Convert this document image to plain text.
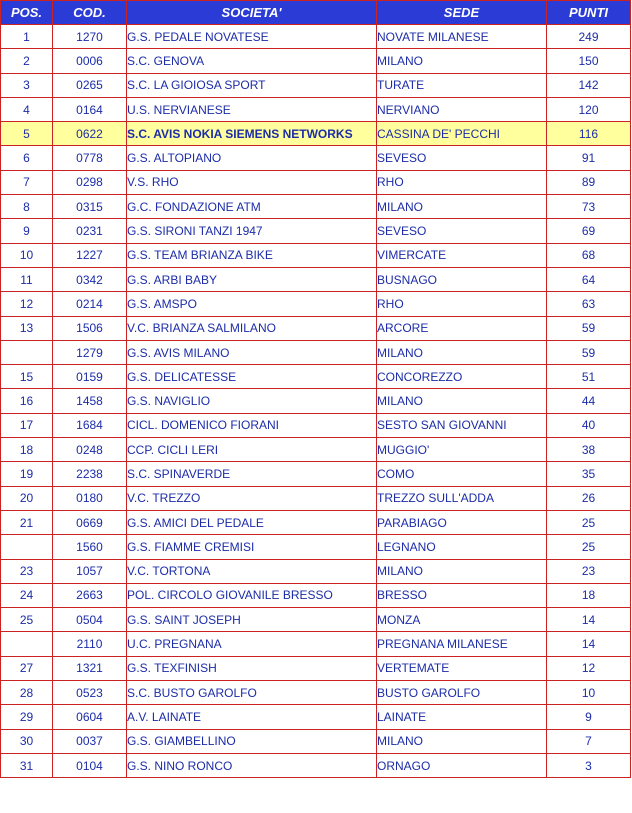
POS.	COD.	SOCIETA'	SEDE	PUNTI
1	1270	G.S. PEDALE NOVATESE	NOVATE MILANESE	249
2	0006	S.C. GENOVA	MILANO	150
3	0265	S.C. LA GIOIOSA SPORT	TURATE	142
4	0164	U.S. NERVIANESE	NERVIANO	120
5	0622	S.C. AVIS NOKIA SIEMENS NETWORKS	CASSINA DE' PECCHI	116
6	0778	G.S. ALTOPIANO	SEVESO	91
7	0298	V.S. RHO	RHO	89
8	0315	G.C. FONDAZIONE ATM	MILANO	73
9	0231	G.S. SIRONI TANZI 1947	SEVESO	69
10	1227	G.S. TEAM BRIANZA BIKE	VIMERCATE	68
11	0342	G.S. ARBI BABY	BUSNAGO	64
12	0214	G.S. AMSPO	RHO	63
13	1506	V.C. BRIANZA SALMILANO	ARCORE	59
	1279	G.S. AVIS MILANO	MILANO	59
15	0159	G.S. DELICATESSE	CONCOREZZO	51
16	1458	G.S. NAVIGLIO	MILANO	44
17	1684	CICL. DOMENICO FIORANI	SESTO SAN GIOVANNI	40
18	0248	CCP. CICLI LERI	MUGGIO'	38
19	2238	S.C. SPINAVERDE	COMO	35
20	0180	V.C. TREZZO	TREZZO SULL'ADDA	26
21	0669	G.S. AMICI DEL PEDALE	PARABIAGO	25
	1560	G.S. FIAMME CREMISI	LEGNANO	25
23	1057	V.C. TORTONA	MILANO	23
24	2663	POL. CIRCOLO GIOVANILE BRESSO	BRESSO	18
25	0504	G.S. SAINT JOSEPH	MONZA	14
	2110	U.C. PREGNANA	PREGNANA MILANESE	14
27	1321	G.S. TEXFINISH	VERTEMATE	12
28	0523	S.C. BUSTO GAROLFO	BUSTO GAROLFO	10
29	0604	A.V. LAINATE	LAINATE	9
30	0037	G.S. GIAMBELLINO	MILANO	7
31	0104	G.S. NINO RONCO	ORNAGO	3
